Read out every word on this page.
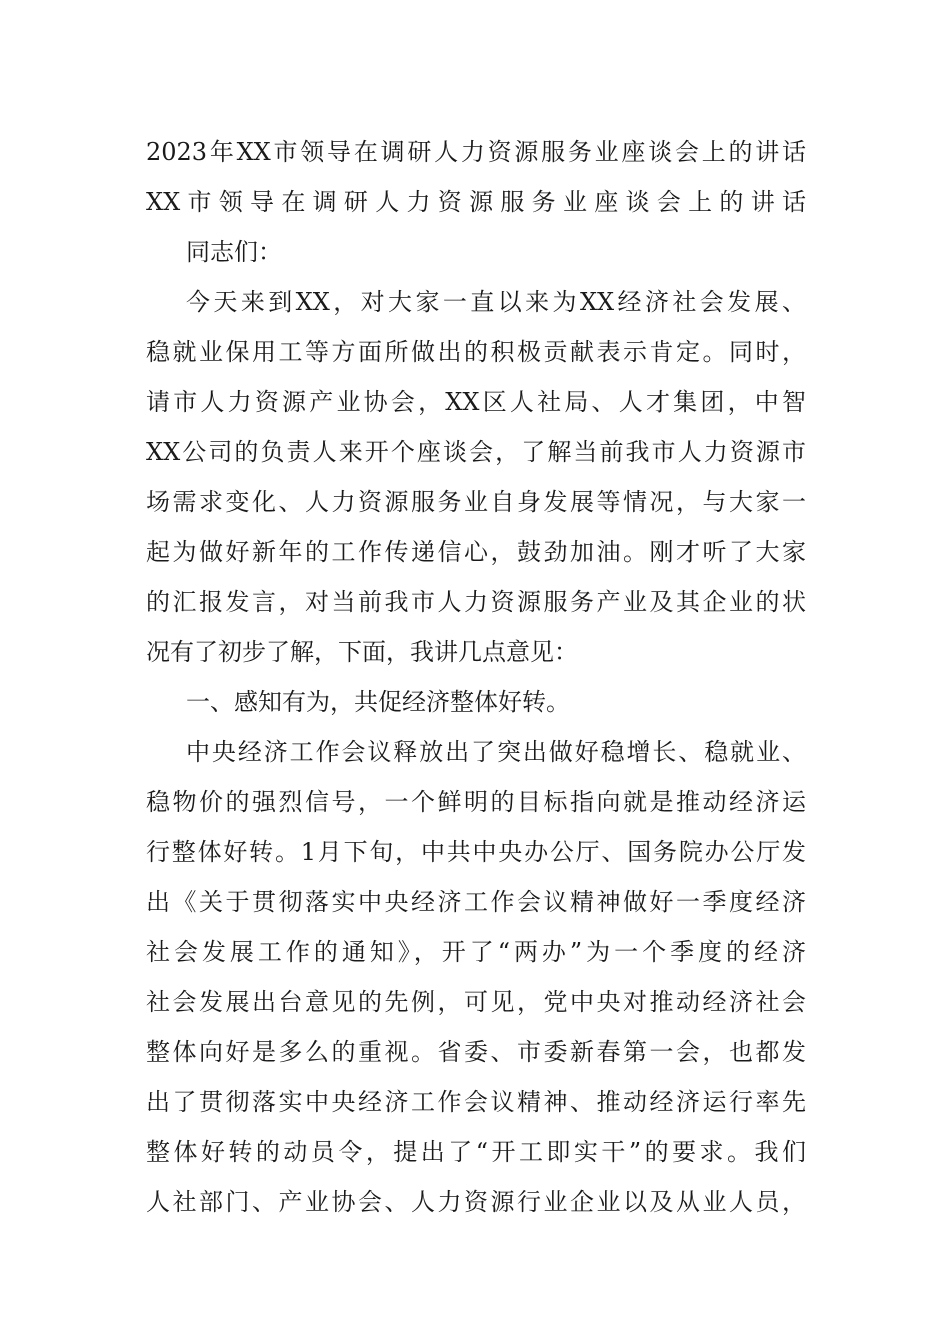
2023年XX市领导在调研人力资源服务业座谈会上的讲话
XX市领导在调研人力资源服务业座谈会上的讲话
同志们：
今天来到XX，对大家一直以来为XX经济社会发展、
稳就业保用工等方面所做出的积极贡献表示肯定。同时，
请市人力资源产业协会，XX区人社局、人才集团，中智
XX公司的负责人来开个座谈会，了解当前我市人力资源市
场需求变化、人力资源服务业自身发展等情况，与大家一
起为做好新年的工作传递信心，鼓劲加油。刚才听了大家
的汇报发言，对当前我市人力资源服务产业及其企业的状
况有了初步了解，下面，我讲几点意见：
一、感知有为，共促经济整体好转。
中央经济工作会议释放出了突出做好稳增长、稳就业、
稳物价的强烈信号，一个鲜明的目标指向就是推动经济运
行整体好转。1月下旬，中共中央办公厅、国务院办公厅发
出《关于贯彻落实中央经济工作会议精神做好一季度经济
社会发展工作的通知》，开了“两办”为一个季度的经济
社会发展出台意见的先例，可见，党中央对推动经济社会
整体向好是多么的重视。省委、市委新春第一会，也都发
出了贯彻落实中央经济工作会议精神、推动经济运行率先
整体好转的动员令，提出了“开工即实干”的要求。我们
人社部门、产业协会、人力资源行业企业以及从业人员，
